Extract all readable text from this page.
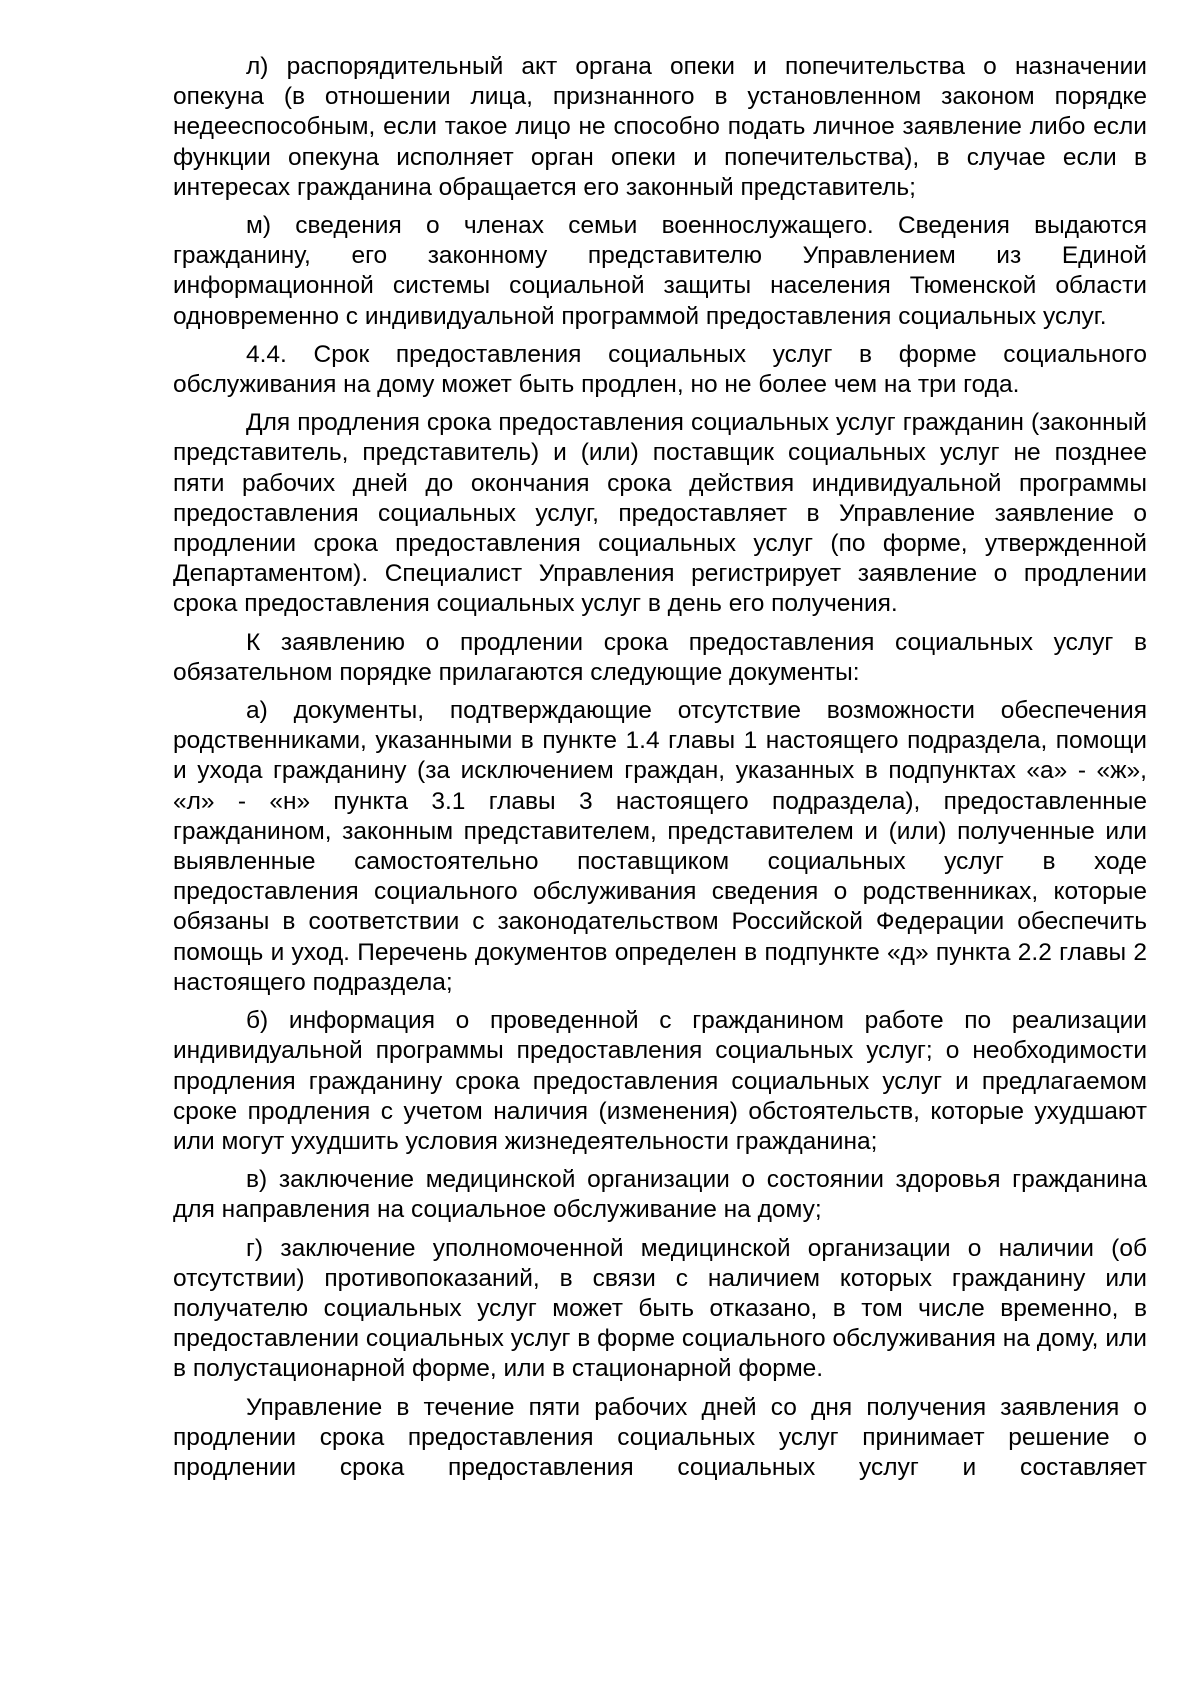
л) распорядительный акт органа опеки и попечительства о назначении опекуна (в отношении лица, признанного в установленном законом порядке недееспособным, если такое лицо не способно подать личное заявление либо если функции опекуна исполняет орган опеки и попечительства), в случае если в интересах гражданина обращается его законный представитель;

м) сведения о членах семьи военнослужащего. Сведения выдаются гражданину, его законному представителю Управлением из Единой информационной системы социальной защиты населения Тюменской области одновременно с индивидуальной программой предоставления социальных услуг.

4.4. Срок предоставления социальных услуг в форме социального обслуживания на дому может быть продлен, но не более чем на три года.

Для продления срока предоставления социальных услуг гражданин (законный представитель, представитель) и (или) поставщик социальных услуг не позднее пяти рабочих дней до окончания срока действия индивидуальной программы предоставления социальных услуг, предоставляет в Управление заявление о продлении срока предоставления социальных услуг (по форме, утвержденной Департаментом). Специалист Управления регистрирует заявление о продлении срока предоставления социальных услуг в день его получения.

К заявлению о продлении срока предоставления социальных услуг в обязательном порядке прилагаются следующие документы:

а) документы, подтверждающие отсутствие возможности обеспечения родственниками, указанными в пункте 1.4 главы 1 настоящего подраздела, помощи и ухода гражданину (за исключением граждан, указанных в подпунктах «а» - «ж», «л» - «н» пункта 3.1 главы 3 настоящего подраздела), предоставленные гражданином, законным представителем, представителем и (или) полученные или выявленные самостоятельно поставщиком социальных услуг в ходе предоставления социального обслуживания сведения о родственниках, которые обязаны в соответствии с законодательством Российской Федерации обеспечить помощь и уход. Перечень документов определен в подпункте «д» пункта 2.2 главы 2 настоящего подраздела;

б) информация о проведенной с гражданином работе по реализации индивидуальной программы предоставления социальных услуг; о необходимости продления гражданину срока предоставления социальных услуг и предлагаемом сроке продления с учетом наличия (изменения) обстоятельств, которые ухудшают или могут ухудшить условия жизнедеятельности гражданина;

в) заключение медицинской организации о состоянии здоровья гражданина для направления на социальное обслуживание на дому;

г) заключение уполномоченной медицинской организации о наличии (об отсутствии) противопоказаний, в связи с наличием которых гражданину или получателю социальных услуг может быть отказано, в том числе временно, в предоставлении социальных услуг в форме социального обслуживания на дому, или в полустационарной форме, или в стационарной форме.

Управление в течение пяти рабочих дней со дня получения заявления о продлении срока предоставления социальных услуг принимает решение о продлении срока предоставления социальных услуг и составляет
